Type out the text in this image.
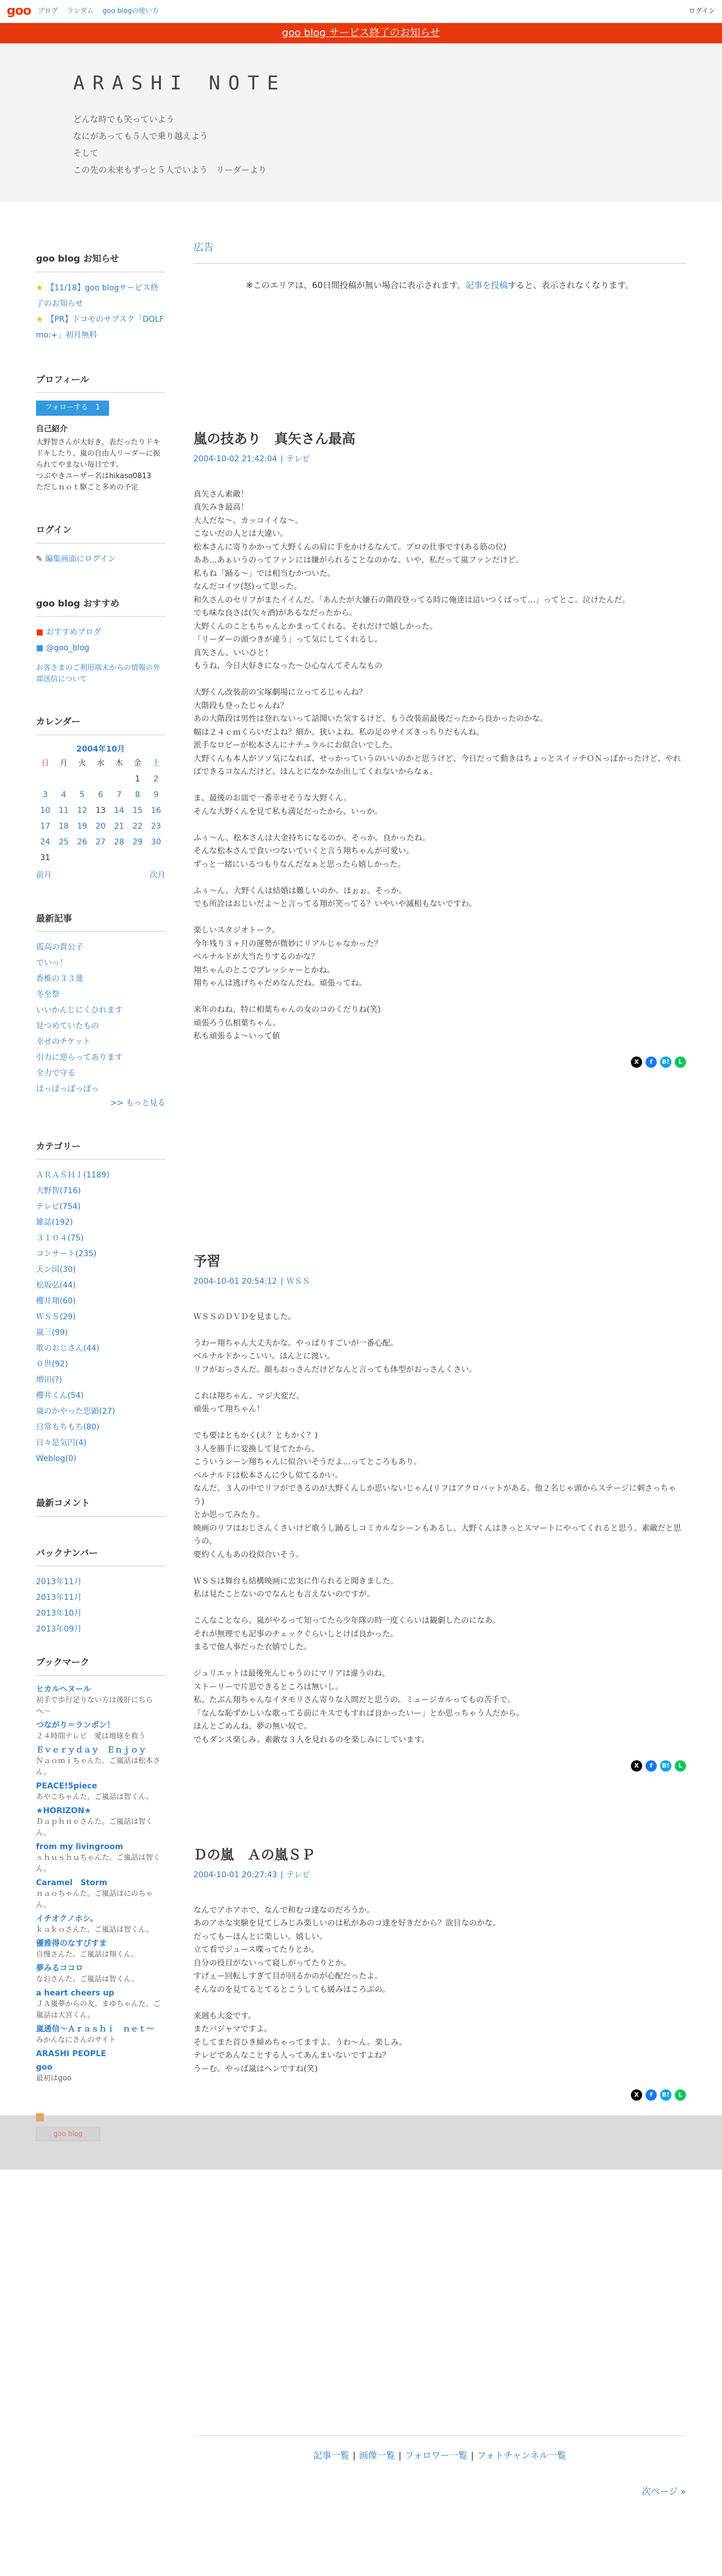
goo ブログ ランダム goo blogの使い方	ログイン
goo blog サービス終了のお知らせ
ARASHI NOTE
どんな時でも笑っていよう
なにがあっても５人で乗り越えよう
そして
この先の未来もずっと５人でいよう　リーダーより
goo blog お知らせ
★ 【11/18】goo blogサービス終了のお知らせ
★ 【PR】ドコモのサブスク「DOLF mo:+」初月無料
プロフィール
フォローする　 1
自己紹介
大野智さんが大好き。表だったりドキドキしたり、嵐の自由人リーダーに振られてやまない毎日です。
つぶやきユーザー名はhikaso0813　ただしｎｏｔ駆ごと多めの予定
ログイン
✎ 編集画面にログイン
goo blog おすすめ
■ おすすめブログ
■ @goo_blog
お客さまのご利用端末からの情報の外部送信について
カレンダー
2004年10月
日	月	火	水	木	金	土
					1	2
3	4	5	6	7	8	9
10	11	12	13	14	15	16
17	18	19	20	21	22	23
24	25	26	27	28	29	30
31						
前月	次月
最新記事
孤高の貴公子
でいっ！
香椎の３３連
冬至祭
いいかんじにくひれます
見つめていたもの
幸せのチケット
引力に逆らってあります
全力で守る
ほっぽっぽっぽっ
>> もっと見る
カテゴリー
ＡＲＡＳＨＩ(1189)
大野智(716)
テレビ(754)
雑誌(192)
３１０４(75)
コンサート(235)
天ン国(30)
松坂弘(44)
櫻井翔(60)
ＷＳＳ(29)
嵐三(99)
歌のおじさん(44)
０世(92)
増田(?)
櫻井くん(54)
嵐のかやった思顕(27)
日常もちもち(80)
日々是気円(4)
Weblog(0)
最新コメント
バックナンバー
2013年11月
2013年11月
2013年10月
2013年09月
ブックマーク
ヒカルヘヌール
初手で歩行足りない方は後肝にちらへ〜
つながり＝ランボン！
２４時間テレビ　愛は地球を救う
Ｅｖｅｒｙｄａｙ　Ｅｎｊｏｙ
Ｎａｏｍｉちゃんた。ご嵐話は松本さん。
PEACE!5piece
あやこちゃんた。ご嵐話は智くん。
★HORIZON★
Ｄａｐｈｎｅさんた。ご嵐話は智くん。
from my livingroom
ｓｈｕｓｈｕちゃんた。ご嵐話は智くん。
Caramel　Storm
ｎａｏちゃんた。ご嵐話はにのちゃん。
イチオクノホシ。
ｋａｋｏさんた。ご嵐話は智くん。
優雅得のなすびすま
自慢さんた。ご嵐話は翔くん。
夢みるココロ
なおさんた。ご嵐話は智くん。
a heart cheers up
ＪＡ嵐夢からの友。まゆちゃんた。ご嵐話は大宮くん。
嵐通信〜Ａｒａｓｈｉ　ｎｅｔ〜
みかんなにさんのサイト
ARASHI PEOPLE
goo
最初はgoo
広告
※このエリアは、60日間投稿が無い場合に表示されます。記事を投稿すると、表示されなくなります。
嵐の技あり　真矢さん最高
2004-10-02 21:42:04 | テレビ

真矢さん素敵！
真矢みき最高！
大人だな〜。カッコイイな〜。
こないだの人とは大違い。
松本さんに寄りかかって大野くんの肩に手をかけるなんて。プロの仕事です(ある筋の位)
ああ…あぁいうのってファンには嫌がられることなのかな。いや、私だって嵐ファンだけど。
私もね「踊る〜」では相当むかついた。
なんだコイツ(怒)って思った。
和久さんのセリフがまたイイんだ。「あんたが大嫌石の階段登ってる時に俺達は這いつくばって…」ってとこ。泣けたんだ。
でも味な良さは(矢々酒)があるなだったから。
大野くんのこともちゃんとかまってくれる。それだけで嬉しかった。
「リーダーの頭つきが違う」って気にしてくれるし。
真矢さん、いいひと！
もうね、今日大好きになった〜ひ心なんてそんなもの

大野くん改装前の宝塚劇場に立ってるじゃんね？
大階段も登ったじゃんね？
あの大階段は男性は登れないって話聞いた気するけど、もう改装前最後だったから良かったのかな。
幅は２４ｃｍくらいだよね？細か。狭いよね。私の足のサイズきっちりだもんね。
派手なロビーが松本さんにナチュラルにお似合いでした。
大野くんも本人がソソ気になれば、せっかっていうのいいのかと思うけど、今日だって動きはちょっとスイッチＯＮっぽかったけど、やればできるコなんだけど、ほんとになかなか出してくれないからなぁ。

ま、最後のお皿で一番幸せそうな大野くん。
そんな大野くんを見て私も満足だったから、いっか。

ふぅ〜ん、松本さんは大金持ちになるのか。そっか。良かったね。
そんな松本さんで食いつないていくと言う翔ちゃんが可愛い。
ずっと一緒にいるつもりなんだなぁと思ったら嬉しかった。

ふぅ〜ん、大野くんは結婚は難しいのか。ほぉぉ。そっか。
でも所詮はおじいだよ〜と言ってる翔が笑ってる？いやいや滅相もないですわ。

楽しいスタジオトーク。
今年残り３ヶ月の運勢が微妙にリアルじゃなかった？
ベルナルドが大当たりするのかな？
翔ちゃんのとこでプレッシャーとかね。
翔ちゃんは逃げちゃだめなんだね。頑張ってね。

来年のねね、特に相葉ちゃんの女のコのくだりね(笑)
頑張ろう仏相葉ちゃん。
私も頑張るよ〜いって値

X	f	B!	L
予習
2004-10-01 20:54:12 | ＷＳＳ

ＷＳＳのＤＶＤを見ました。

うわー翔ちゃん大丈夫かな。やっぱりすごいが一番心配。
ベルナルドかっこいい。ほんとに渡い。
リフがおっさんだ。顔もおっさんだけどなんと言っても体型がおっさんくさい。

これは翔ちゃん、マジ大変だ。
頑張って翔ちゃん！

でも要はともかく(え？ともかく？)
３人を勝手に変換して見てたから、
こういうシーン翔ちゃんに似合いそうだよ…ってところもあり。
ベルナルドは松本さんに少し似てるかい。
なんだ、３人の中でリフができるのが大野くんしか思いないじゃん(リフはアクロバットがある。他２名じゃ頭からステージに刺さっちゃう)
とか思ってみたり。
映画のリフはおじさんくさいけど歌うし踊るしコミカルなシーンもあるし、大野くんはきっとスマートにやってくれると思う。素敵だと思うの。
要約くんもあの役似合いそう。

ＷＳＳは舞台も結構映画に忠実に作られると聞きました。
私は見たことないのでなんとも言えないのですが。

こんなことなら、嵐がやるって知ってたら少年隊の時一度くらいは観劇したのになあ。
それが無理でも記事のチェックぐらいしとけば良かった。
まるで他人事だった衣嬉でした。

ジュリエットは最後死んじゃうのにマリアは違うのね。
ストーリーで片思できるところは無いし。
私、たぶん翔ちゃんなイタモリさん寄りな人間だと思うの。ミュージカルってもの苦手で。
「なんな恥ずかしいな歌ってる前にキスでもすれば良かったいー」とか思っちゃう人だから。
ほんとごめんね、夢の無い奴で。
でもダンス楽しみ。素敵な３人を見れるのを楽しみにしています。

X	f	B!	L
Ｄの嵐　Ａの嵐ＳＰ
2004-10-01 20:27:43 | テレビ

なんでアホアホで、なんで和むコ達なのだろうか。
あのアホな実験を見てしみじみ楽しいのは私があのコ達を好きだから？欲目なのかな。
だってもーほんとに楽しい。嬉しい。
立て看でジュース喋ってたりとか。
自分の役目がないって寝しがってたりとか。
すげぇー回転しすぎて目が回るかのが心配だったよ。
そんなのを見てるとてるとこうしても緩みほころぶの。

来週も大変です。
またバジャマですよ。
そしてまた首ひき締めちゃってますよ。うわ〜ん。楽しみ。
テレビであんなことする人ってあんまいないですよね？
うーむ。やっぱ嵐はヘンですね(笑)

X	f	B!	L
記事一覧 | 画像一覧 | フォロワー一覧 | フォトチャンネル一覧
次ページ »
